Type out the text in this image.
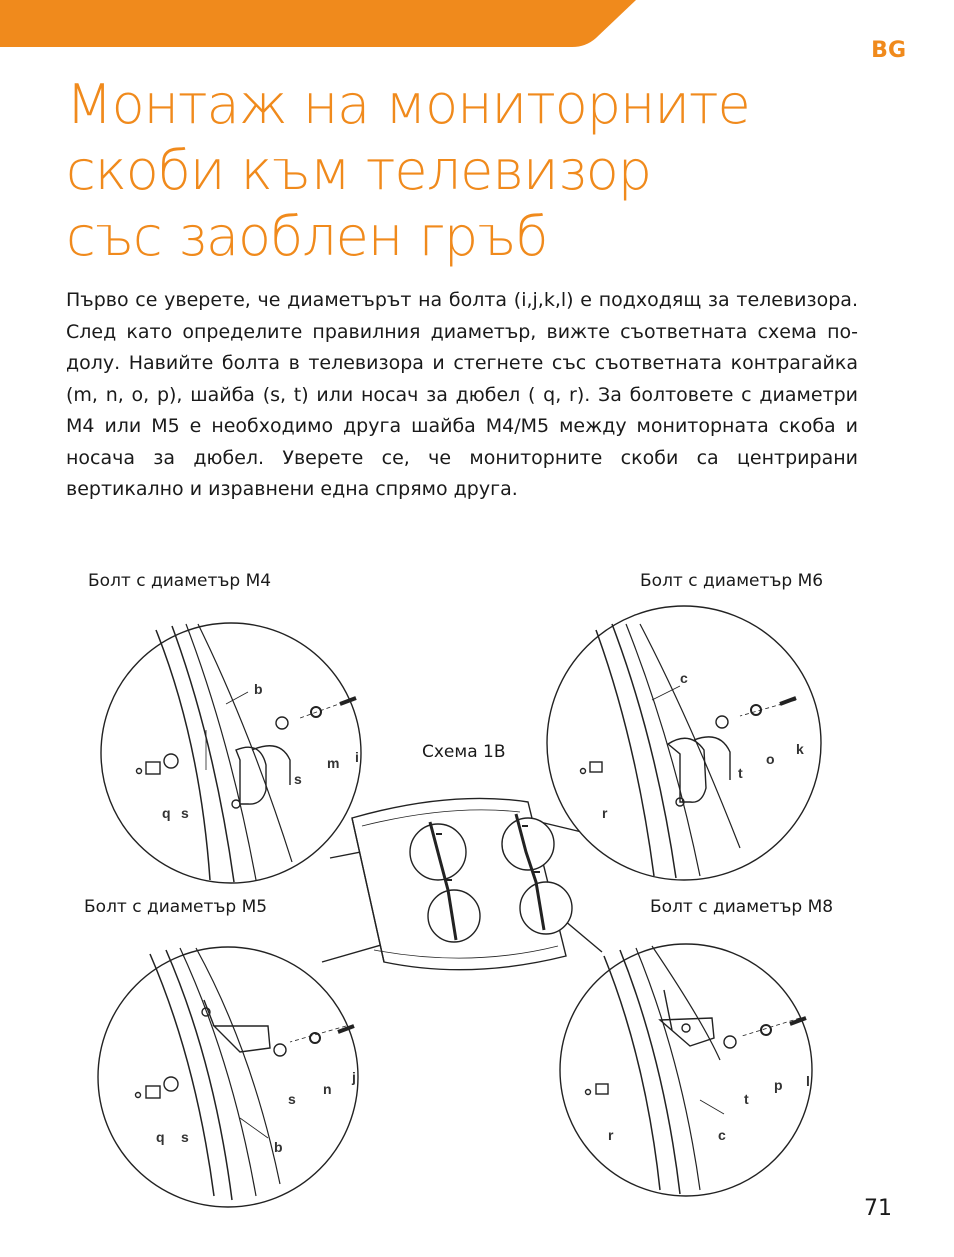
BG
Монтаж на мониторните
скоби към телевизор
със заоблен гръб
Първо се уверете, че диаметърът на болта (i,j,k,l) е подходящ за телевизора. След като определите правилния диаметър, вижте съответната схема по-долу. Навийте болта в телевизора и стегнете със съответната контрагайка (m, n, o, p), шайба (s, t) или носач за дюбел ( q, r). За болтовете с диаметри M4 или M5 е необходимо друга шайба M4/M5 между мониторната скоба и носача за дюбел. Уверете се, че мониторните скоби са центрирани вертикално и изравнени една спрямо друга.
Болт с диаметър M4	Болт с диаметър M6
Болт с диаметър M5	Болт с диаметър M8
Схема 1B
b
m i
s
q s
c
k
o
t
r
j
n
s
q s
b
l
p
t
r	c
71
